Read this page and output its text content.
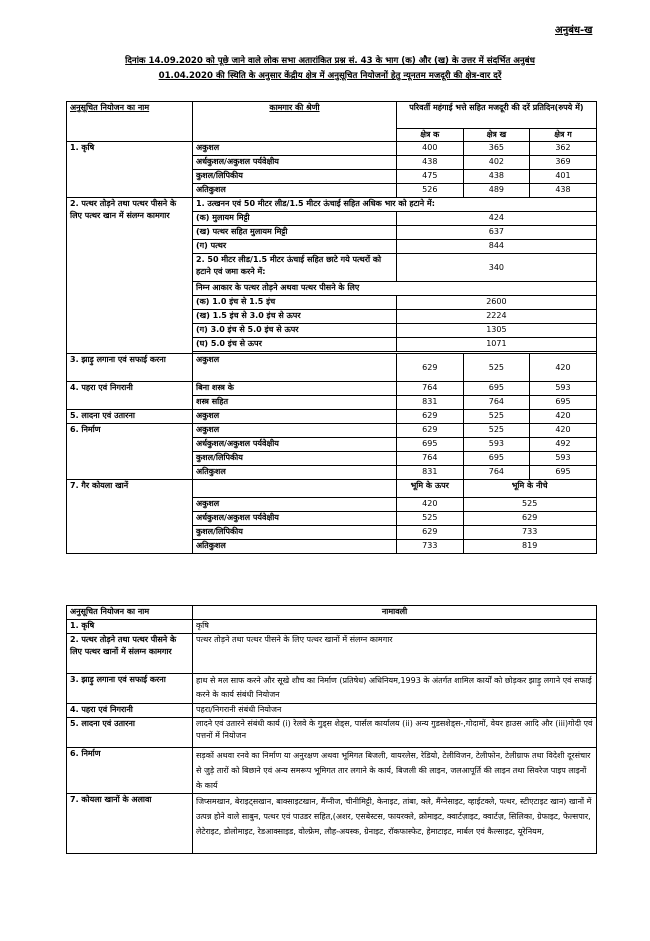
अनुबंध-ख
दिनांक 14.09.2020 को पूछे जाने वाले लोक सभा अतारांकित प्रश्न सं. 43 के भाग (क) और (ख) के उत्तर में संदर्भित अनुबंध
01.04.2020 की स्थिति के अनुसार केंद्रीय क्षेत्र में अनुसूचित नियोजनों हेतु न्यूनतम मजदूरी की क्षेत्र-वार दरें
अनुसूचित नियोजन का नाम	कामगार की श्रेणी	परिवर्ती महंगाई भत्ते सहित मजदूरी की दरें प्रतिदिन(रुपये में)		
		क्षेत्र क	क्षेत्र ख	क्षेत्र ग
1. कृषि	अकुशल	400	365	362
	अर्धकुशल/अकुशल पर्यवेक्षीय	438	402	369
	कुशल/लिपिकीय	475	438	401
	अतिकुशल	526	489	438
2. पत्थर तोड़ने तथा पत्थर पीसने के लिए पत्थर खान में संलग्न कामगार	1. उत्खनन एवं 50 मीटर लीड/1.5 मीटर ऊंचाई सहित अधिक भार को हटाने में:			
	(क) मुलायम मिट्टी	424		
	(ख) पत्थर सहित मुलायम मिट्टी	637		
	(ग) पत्थर	844		
	2. 50 मीटर लीड/1.5 मीटर ऊंचाई सहित छाटे गये पत्थरों को हटाने एवं जमा करने में:	340		
	निम्न आकार के पत्थर तोड़ने अथवा पत्थर पीसने के लिए			
	(क) 1.0 इंच से 1.5 इंच	2600		
	(ख) 1.5 इंच से 3.0 इंच से ऊपर	2224		
	(ग) 3.0 इंच से 5.0 इंच से ऊपर	1305		
	(घ) 5.0 इंच से ऊपर	1071		

3. झाड़ु लगाना एवं सफाई करना	अकुशल	629	525	420
4. पहरा एवं निगरानी	बिना शस्त्र के	764	695	593
	शस्त्र सहित	831	764	695
5. लादना एवं उतारना	अकुशल	629	525	420
6. निर्माण	अकुशल	629	525	420
	अर्धकुशल/अकुशल पर्यवेक्षीय	695	593	492
	कुशल/लिपिकीय	764	695	593
	अतिकुशल	831	764	695
7. गैर कोयला खानें		भूमि के ऊपर	भूमि के नीचे	
	अकुशल	420	525	
	अर्धकुशल/अकुशल पर्यवेक्षीय	525	629	
	कुशल/लिपिकीय	629	733	
	अतिकुशल	733	819	
अनुसूचित नियोजन का नाम	नामावली
1. कृषि	कृषि
2. पत्थर तोड़ने तथा पत्थर पीसने के लिए पत्थर खानों में संलग्न कामगार	पत्थर तोड़ने तथा पत्थर पीसने के लिए पत्थर खानों में संलग्न कामगार
3. झाड़ु लगाना एवं सफाई करना	हाथ से मल साफ करने और सूखे शौच का निर्माण (प्रतिषेध) अधिनियम,1993 के अंतर्गत शामिल कार्यों को छोड़कर झाड़ु लगाने एवं सफाई करने के कार्य संबंधी नियोजन
4. पहरा एवं निगरानी	पहरा/निगरानी संबंधी नियोजन
5. लादना एवं उतारना	लादने एवं उतारने संबंधी कार्य (i) रेलवे के गुड्स शेड्स, पार्सल कार्यालय (ii) अन्य गुडसशेड्स-,गोदामों, वेयर हाउस आदि और (iii)गोदी एवं पत्तनों में नियोजन
6. निर्माण	सड़कों अथवा रनवे का निर्माण या अनुरक्षण अथवा भूमिगत बिजली, वायरलेस, रेडियो, टेलीविजन, टेलीफोन, टेलीग्राफ तथा विदेशी दूरसंचार से जुड़े तारों को बिछाने एवं अन्य समरूप भूमिगत तार लगाने के कार्य, बिजली की लाइन, जलआपूर्ति की लाइन तथा सिवरेज पाइप लाइनों के कार्य
7. कोयला खानों के अलावा	जिप्समखान, बेराइट्सखान, बाक्साइटखान, मैंग्नीज, चीनीमिट्टी, केनाइट, तांबा, क्ले, मैंग्नेसाइट, व्हाईटक्ले, पत्थर, स्टीएटाइट खान) खानों में उत्पन्न होने वाले साबुन, पत्थर एवं पाउडर सहित,(अशर, एसबेस्टस, फायरक्ले, क्रोमाइट, क्वार्टज़ाइट, क्वार्टज़, सिलिका, ग्रेफाइट, फेल्सपार, लेटेराइट, डोलोमाइट, रेडआक्साइड, वोल्फ्रेम, लौह-अयस्क, ग्रेनाइट, रॉकफास्फेट, हेमाटाइट, मार्बल एवं कैल्साइट, यूरेनियम,
